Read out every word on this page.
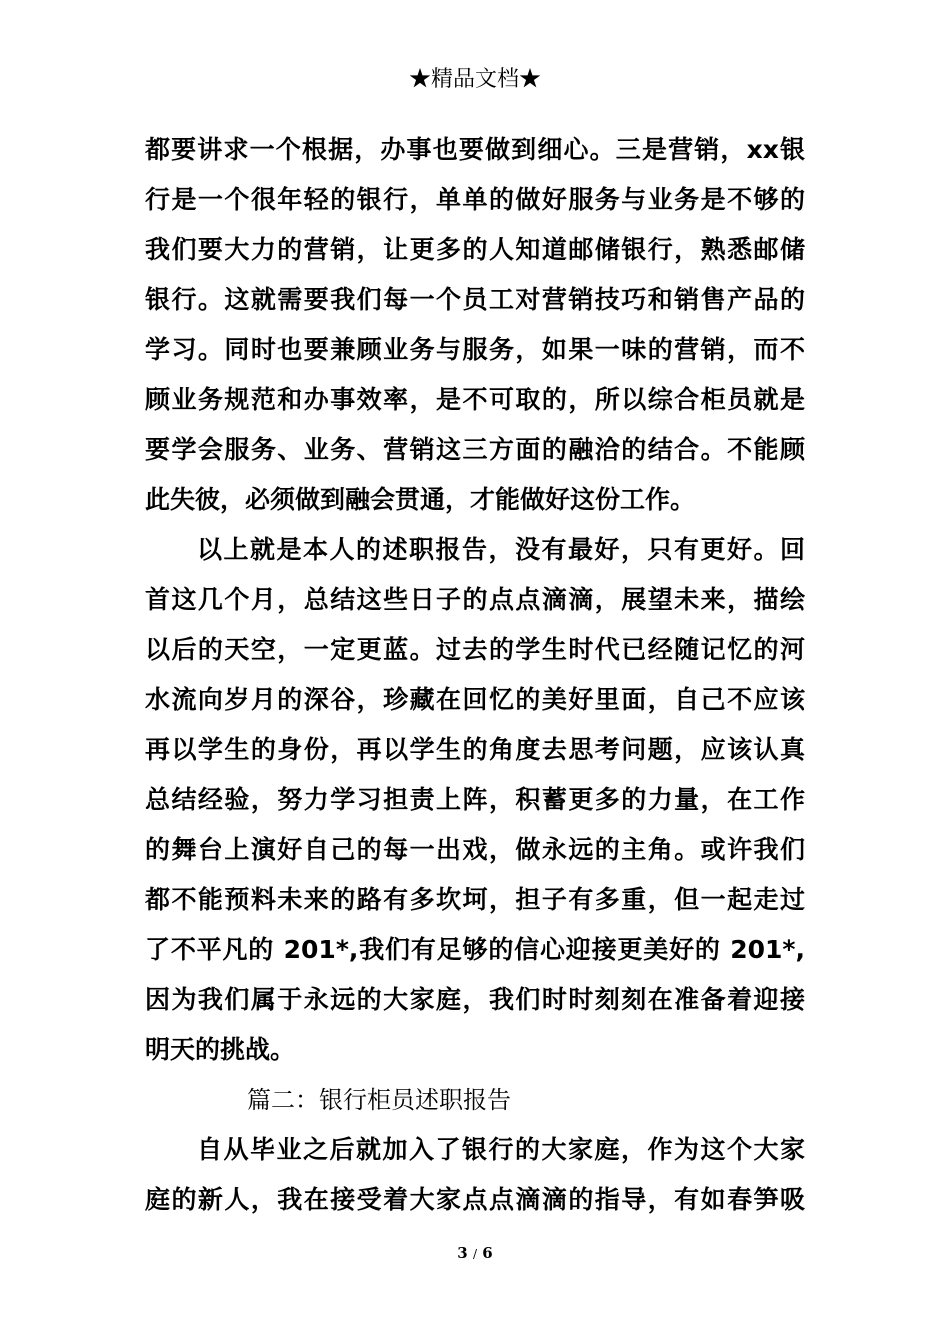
★精品文档★
都要讲求一个根据，办事也要做到细心。三是营销，xx银
行是一个很年轻的银行，单单的做好服务与业务是不够的
我们要大力的营销，让更多的人知道邮储银行，熟悉邮储
银行。这就需要我们每一个员工对营销技巧和销售产品的
学习。同时也要兼顾业务与服务，如果一味的营销，而不
顾业务规范和办事效率，是不可取的，所以综合柜员就是
要学会服务、业务、营销这三方面的融洽的结合。不能顾
此失彼，必须做到融会贯通，才能做好这份工作。
以上就是本人的述职报告，没有最好，只有更好。回
首这几个月，总结这些日子的点点滴滴，展望未来，描绘
以后的天空，一定更蓝。过去的学生时代已经随记忆的河
水流向岁月的深谷，珍藏在回忆的美好里面，自己不应该
再以学生的身份，再以学生的角度去思考问题，应该认真
总结经验，努力学习担责上阵，积蓄更多的力量，在工作
的舞台上演好自己的每一出戏，做永远的主角。或许我们
都不能预料未来的路有多坎坷，担子有多重，但一起走过
了不平凡的 201*,我们有足够的信心迎接更美好的 201*,
因为我们属于永远的大家庭，我们时时刻刻在准备着迎接
明天的挑战。
篇二：银行柜员述职报告
自从毕业之后就加入了银行的大家庭，作为这个大家
庭的新人，我在接受着大家点点滴滴的指导，有如春笋吸
3 / 6
